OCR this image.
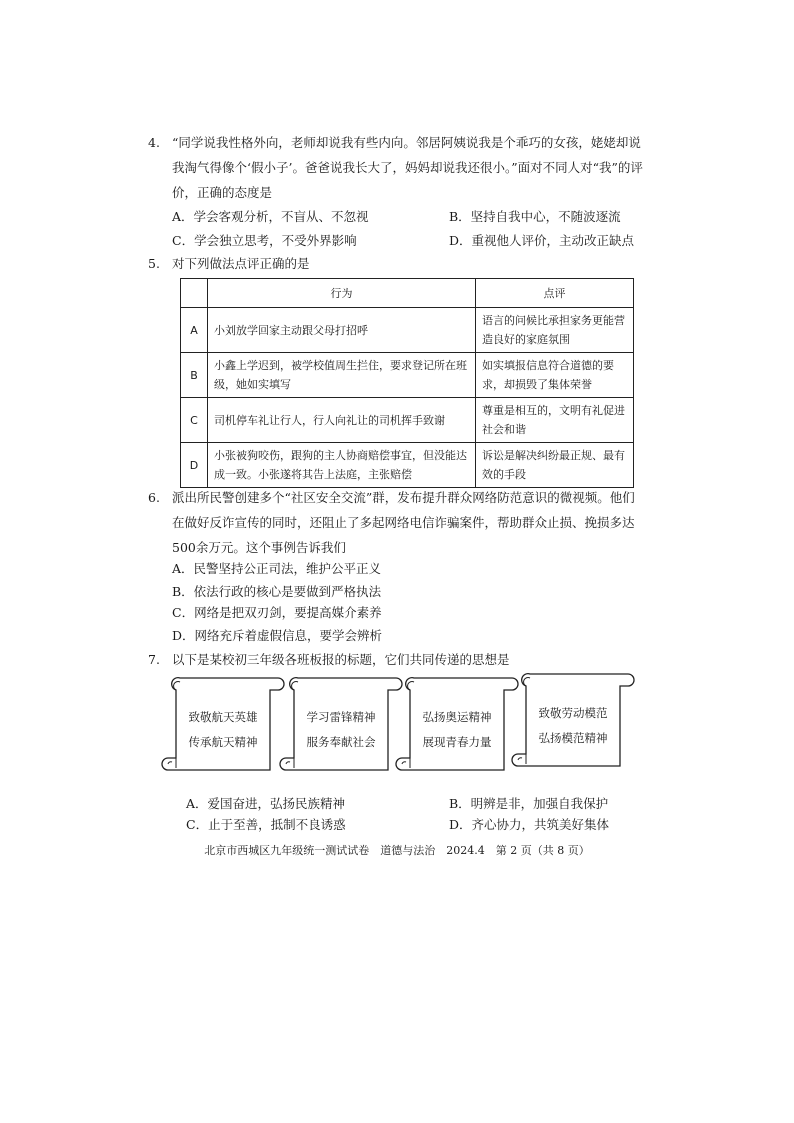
4. “同学说我性格外向，老师却说我有些内向。邻居阿姨说我是个乖巧的女孩，姥姥却说我淘气得像个‘假小子’。爸爸说我长大了，妈妈却说我还很小。”面对不同人对“我”的评价，正确的态度是
A．学会客观分析，不盲从、不忽视	B．坚持自我中心，不随波逐流
C．学会独立思考，不受外界影响	D．重视他人评价，主动改正缺点
5. 对下列做法点评正确的是
	行为	点评
A	小刘放学回家主动跟父母打招呼	语言的问候比承担家务更能营造良好的家庭氛围
B	小鑫上学迟到，被学校值周生拦住，要求登记所在班级，她如实填写	如实填报信息符合道德的要求，却损毁了集体荣誉
C	司机停车礼让行人，行人向礼让的司机挥手致谢	尊重是相互的，文明有礼促进社会和谐
D	小张被狗咬伤，跟狗的主人协商赔偿事宜，但没能达成一致。小张遂将其告上法庭，主张赔偿	诉讼是解决纠纷最正规、最有效的手段
6. 派出所民警创建多个“社区安全交流”群，发布提升群众网络防范意识的微视频。他们在做好反诈宣传的同时，还阻止了多起网络电信诈骗案件，帮助群众止损、挽损多达500余万元。这个事例告诉我们
A．民警坚持公正司法，维护公平正义
B．依法行政的核心是要做到严格执法
C．网络是把双刃剑，要提高媒介素养
D．网络充斥着虚假信息，要学会辨析
7. 以下是某校初三年级各班板报的标题，它们共同传递的思想是
致敬航天英雄
传承航天精神
学习雷锋精神
服务奉献社会
弘扬奥运精神
展现青春力量
致敬劳动模范
弘扬模范精神
A．爱国奋进，弘扬民族精神	B．明辨是非，加强自我保护
C．止于至善，抵制不良诱惑	D．齐心协力，共筑美好集体
北京市西城区九年级统一测试试卷　道德与法治　2024.4　第 2 页（共 8 页）
